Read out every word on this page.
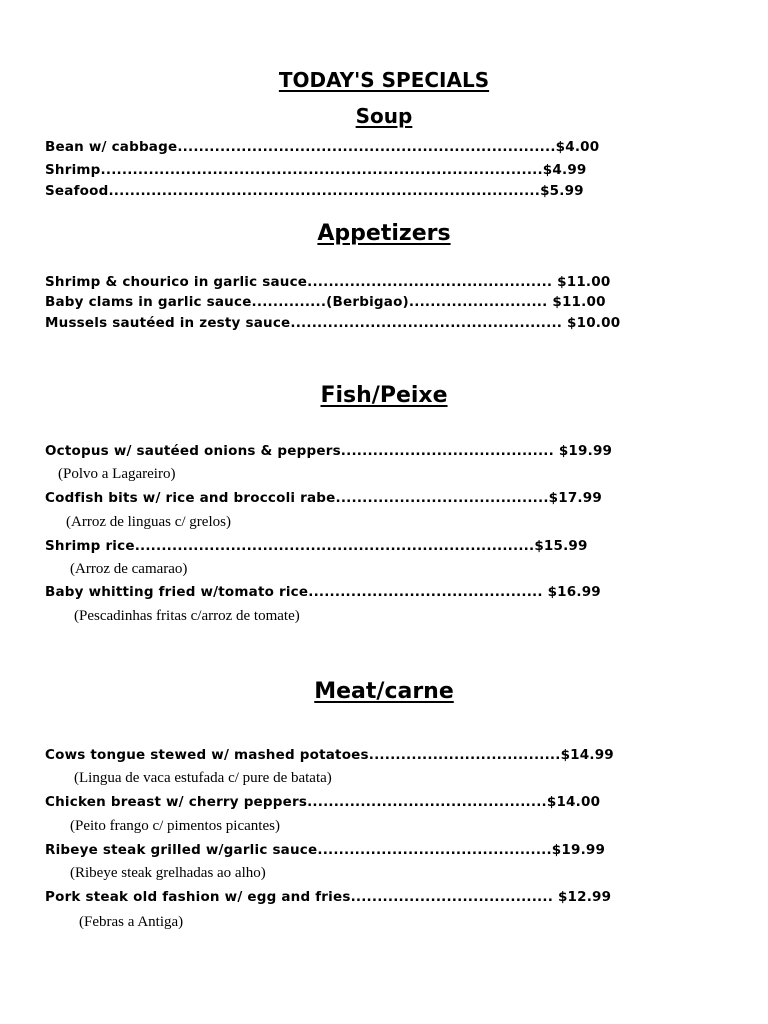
TODAY'S SPECIALS
Soup
Bean w/ cabbage.......................................................................$4.00
Shrimp...................................................................................$4.99
Seafood.................................................................................$5.99
Appetizers
Shrimp & chourico in garlic sauce.............................................. $11.00
Baby clams in garlic sauce..............(Berbigao).......................... $11.00
Mussels sautéed in zesty sauce................................................... $10.00
Fish/Peixe
Octopus w/ sautéed onions & peppers........................................ $19.99
(Polvo a Lagareiro)
Codfish bits w/ rice and broccoli rabe........................................$17.99
(Arroz de linguas c/ grelos)
Shrimp rice...........................................................................$15.99
(Arroz de camarao)
Baby whitting fried w/tomato rice............................................ $16.99
(Pescadinhas fritas c/arroz de tomate)
Meat/carne
Cows tongue stewed w/ mashed potatoes....................................$14.99
(Lingua de vaca estufada c/ pure de batata)
Chicken breast w/ cherry peppers.............................................$14.00
(Peito frango c/ pimentos picantes)
Ribeye steak grilled w/garlic sauce............................................$19.99
(Ribeye steak grelhadas ao alho)
Pork steak old fashion w/ egg and fries...................................... $12.99
(Febras a Antiga)
